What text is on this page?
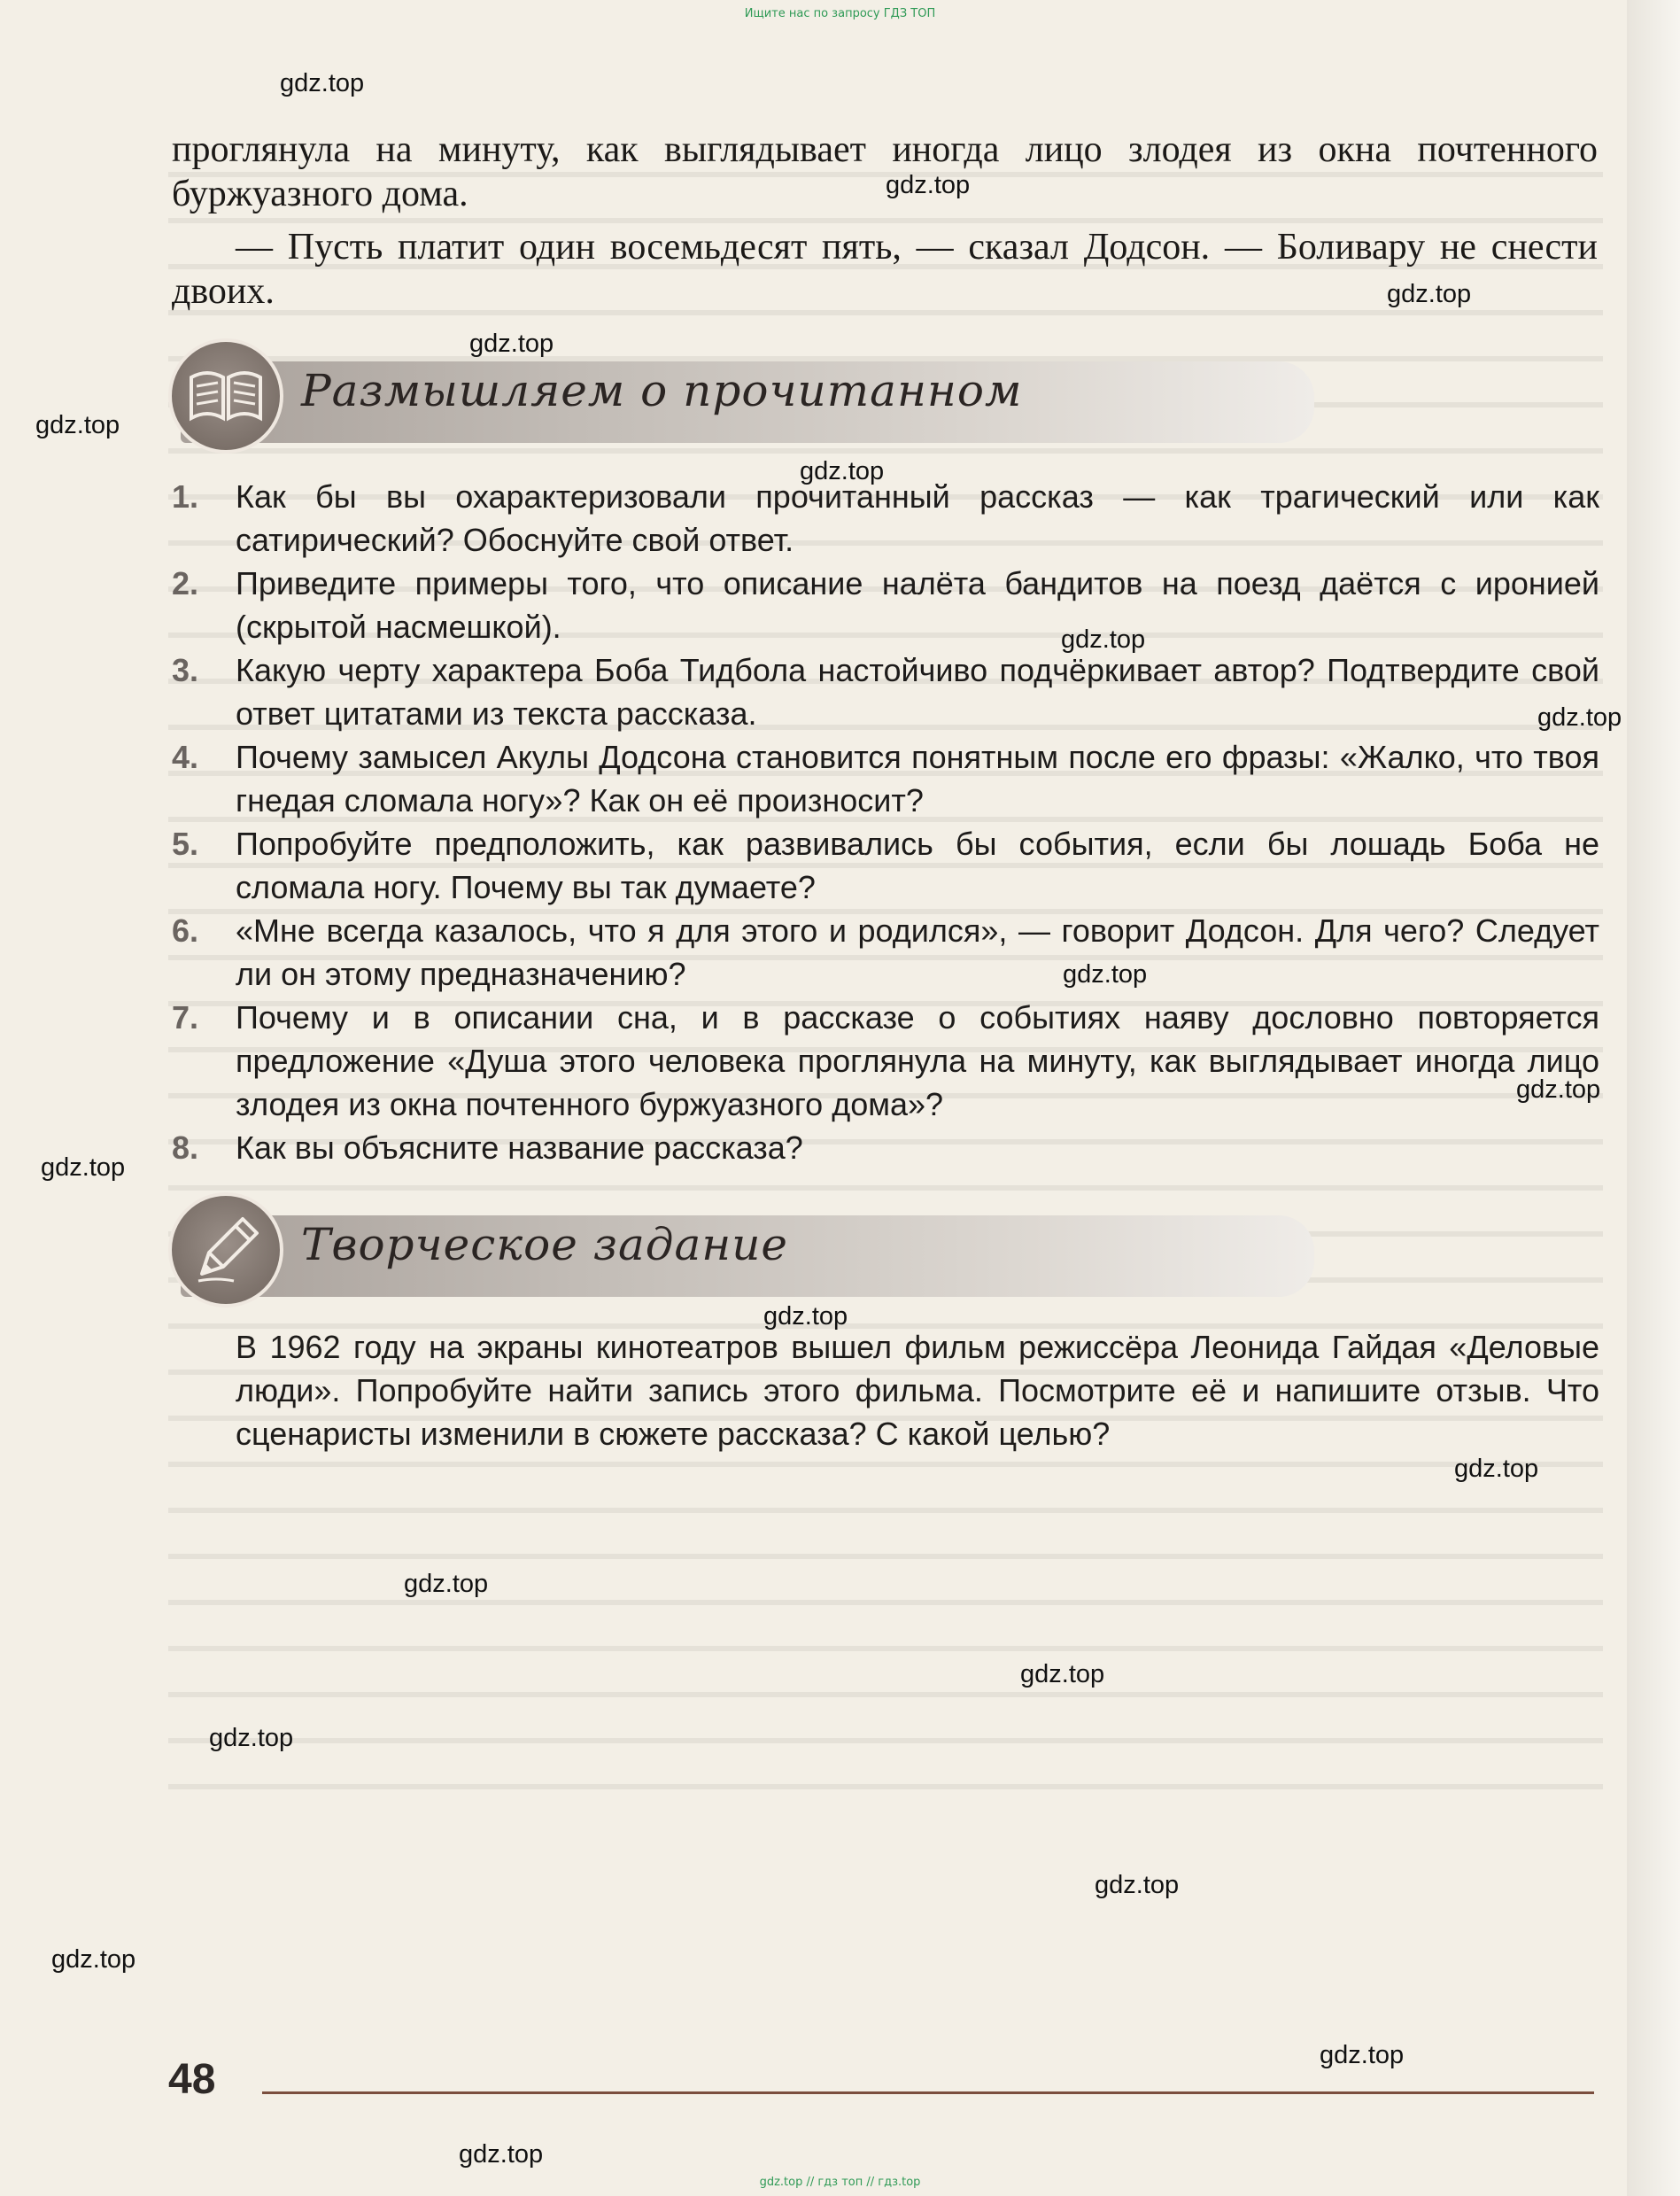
Ищите нас по запросу ГДЗ ТОП
gdz.top
gdz.top
gdz.top
gdz.top
gdz.top
gdz.top
gdz.top
gdz.top
gdz.top
gdz.top
gdz.top
gdz.top
gdz.top
gdz.top
gdz.top
gdz.top
gdz.top
gdz.top
gdz.top
gdz.top

проглянула на минуту, как выглядывает иногда лицо злодея из окна почтенного буржуазного дома.

— Пусть платит один восемьдесят пять, — сказал Додсон. — Боливару не снести двоих.

Размышляем о прочитанном
1. Как бы вы охарактеризовали прочитанный рассказ — как трагический или как сатирический? Обоснуйте свой ответ.
2. Приведите примеры того, что описание налёта бандитов на поезд даётся с иронией (скрытой насмешкой).
3. Какую черту характера Боба Тидбола настойчиво подчёркивает автор? Подтвердите свой ответ цитатами из текста рассказа.
4. Почему замысел Акулы Додсона становится понятным после его фразы: «Жалко, что твоя гнедая сломала ногу»? Как он её произносит?
5. Попробуйте предположить, как развивались бы события, если бы лошадь Боба не сломала ногу. Почему вы так думаете?
6. «Мне всегда казалось, что я для этого и родился», — говорит Додсон. Для чего? Следует ли он этому предназначению?
7. Почему и в описании сна, и в рассказе о событиях наяву дословно повторяется предложение «Душа этого человека проглянула на минуту, как выглядывает иногда лицо злодея из окна почтенного буржуазного дома»?
8. Как вы объясните название рассказа?
Творческое задание

В 1962 году на экраны кинотеатров вышел фильм режиссёра Леонида Гайдая «Деловые люди». Попробуйте найти запись этого фильма. Посмотрите её и напишите отзыв. Что сценаристы изменили в сюжете рассказа? С какой целью?

48
gdz.top // гдз топ // гдз.top
